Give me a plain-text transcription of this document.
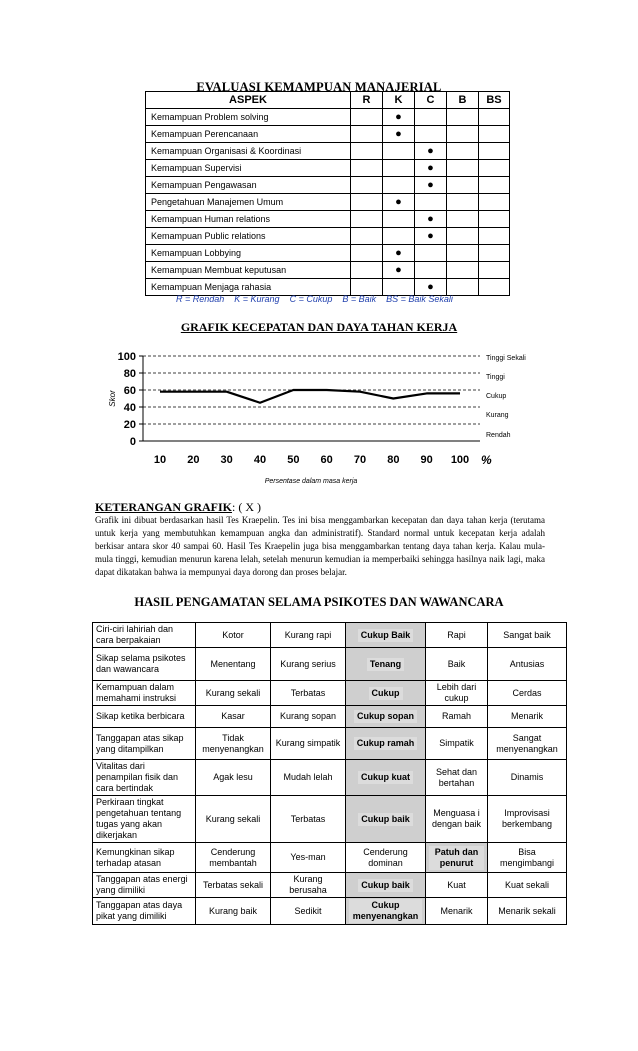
EVALUASI KEMAMPUAN MANAJERIAL
ASPEK	R	K	C	B	BS
Kemampuan Problem solving		●			
Kemampuan Perencanaan		●			
Kemampuan Organisasi & Koordinasi			●		
Kemampuan Supervisi			●		
Kemampuan Pengawasan			●		
Pengetahuan Manajemen Umum		●			
Kemampuan Human relations			●		
Kemampuan Public relations			●		
Kemampuan Lobbying		●			
Kemampuan Membuat keputusan		●			
Kemampuan Menjaga rahasia			●		
R = Rendah    K = Kurang    C = Cukup    B = Baik    BS = Baik Sekali
GRAFIK KECEPATAN DAN DAYA TAHAN KERJA
0
20
40
60
80
100
10 20 30 40 50 60 70 80 90 100 %
Persentase dalam masa kerja
Skor
Tinggi Sekali
Tinggi
Cukup
Kurang
Rendah
KETERANGAN GRAFIK: ( X )
Grafik ini dibuat berdasarkan hasil Tes Kraepelin. Tes ini bisa menggambarkan kecepatan dan daya tahan kerja (terutama untuk kerja yang membutuhkan kemampuan angka dan administratif). Standard normal untuk kecepatan kerja adalah berkisar antara skor 40 sampai 60. Hasil Tes Kraepelin juga bisa menggambarkan tentang daya tahan kerja. Kalau mula-mula tinggi, kemudian menurun karena lelah, setelah menurun kemudian ia memperbaiki sehingga hasilnya naik lagi, maka dapat dikatakan bahwa ia mempunyai daya dorong dan proses belajar.
HASIL PENGAMATAN SELAMA PSIKOTES DAN WAWANCARA
Ciri-ciri lahiriah dan cara berpakaian	Kotor	Kurang rapi	Cukup Baik	Rapi	Sangat baik
Sikap selama psikotes dan wawancara	Menentang	Kurang serius	Tenang	Baik	Antusias
Kemampuan dalam memahami instruksi	Kurang sekali	Terbatas	Cukup	Lebih dari cukup	Cerdas
Sikap ketika berbicara	Kasar	Kurang sopan	Cukup sopan	Ramah	Menarik
Tanggapan atas sikap yang ditampilkan	Tidak menyenangkan	Kurang simpatik	Cukup ramah	Simpatik	Sangat menyenangkan
Vitalitas dari penampilan fisik dan cara bertindak	Agak lesu	Mudah lelah	Cukup kuat	Sehat dan bertahan	Dinamis
Perkiraan tingkat pengetahuan tentang tugas yang akan dikerjakan	Kurang sekali	Terbatas	Cukup baik	Menguasa i dengan baik	Improvisasi berkembang
Kemungkinan sikap terhadap atasan	Cenderung membantah	Yes-man	Cenderung dominan	Patuh dan penurut	Bisa mengimbangi
Tanggapan atas energi yang dimiliki	Terbatas sekali	Kurang berusaha	Cukup baik	Kuat	Kuat sekali
Tanggapan atas daya pikat yang dimiliki	Kurang baik	Sedikit	Cukup menyenangkan	Menarik	Menarik sekali
